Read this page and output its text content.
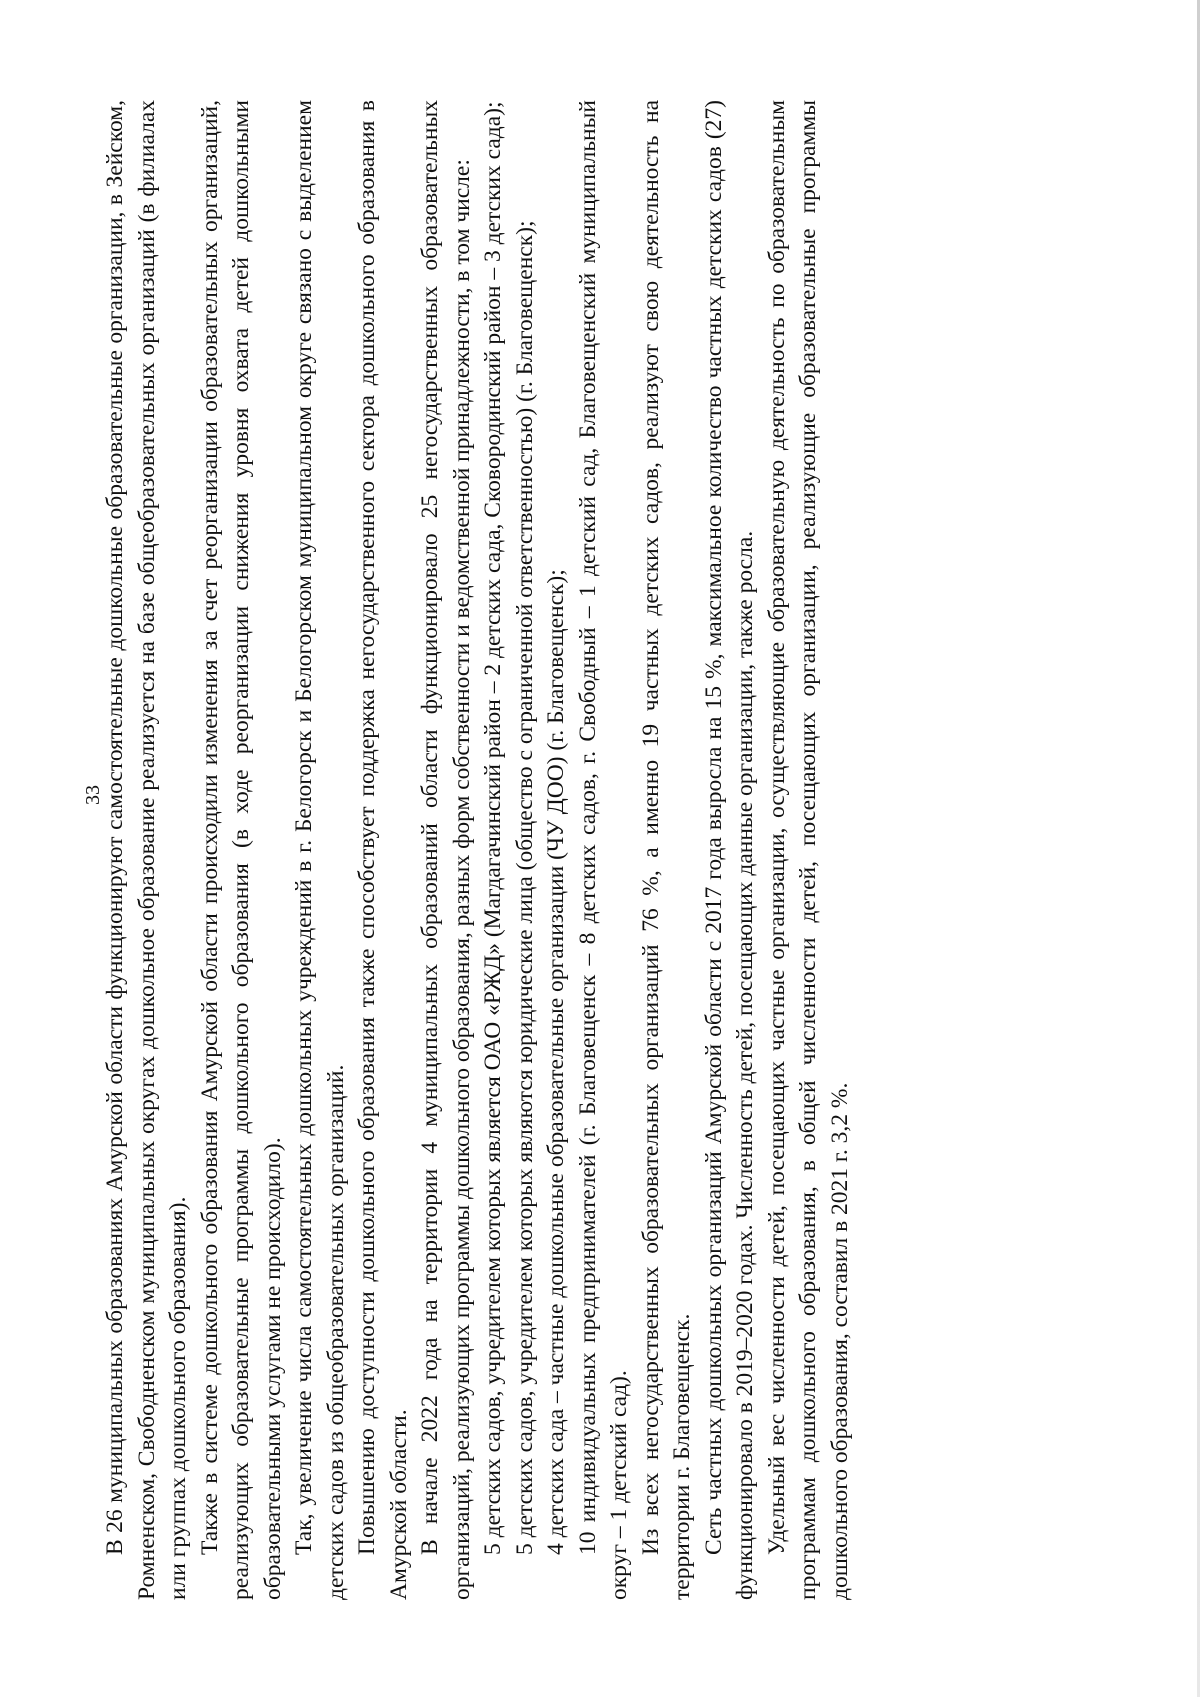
33

В 26 муниципальных образованиях Амурской области функционируют самостоятельные дошкольные образовательные организации, в Зейском, Ромненском, Свободненском муниципальных округах дошкольное образование реализуется на базе общеобразовательных организаций (в филиалах или группах дошкольного образования). Также в системе дошкольного образования Амурской области происходили изменения за счет реорганизации образовательных организаций, реализующих образовательные программы дошкольного образования (в ходе реорганизации снижения уровня охвата детей дошкольными образовательными услугами не происходило). Так, увеличение числа самостоятельных дошкольных учреждений в г. Белогорск и Белогорском муниципальном округе связано с выделением детских садов из общеобразовательных организаций. Повышению доступности дошкольного образования также способствует поддержка негосударственного сектора дошкольного образования в Амурской области. В начале 2022 года на территории 4 муниципальных образований области функционировало 25 негосударственных образовательных организаций, реализующих программы дошкольного образования, разных форм собственности и ведомственной принадлежности, в том числе: 5 детских садов, учредителем которых является ОАО «РЖД» (Магдагачинский район – 2 детских сада, Сковородинский район – 3 детских сада); 5 детских садов, учредителем которых являются юридические лица (общество с ограниченной ответственностью) (г. Благовещенск); 4 детских сада – частные дошкольные образовательные организации (ЧУ ДОО) (г. Благовещенск); 10 индивидуальных предпринимателей (г. Благовещенск – 8 детских садов, г. Свободный – 1 детский сад, Благовещенский муниципальный округ – 1 детский сад). Из всех негосударственных образовательных организаций 76 %, а именно 19 частных детских садов, реализуют свою деятельность на территории г. Благовещенск. Сеть частных дошкольных организаций Амурской области с 2017 года выросла на 15 %, максимальное количество частных детских садов (27) функционировало в 2019–2020 годах. Численность детей, посещающих данные организации, также росла. Удельный вес численности детей, посещающих частные организации, осуществляющие образовательную деятельность по образовательным программам дошкольного образования, в общей численности детей, посещающих организации, реализующие образовательные программы дошкольного образования, составил в 2021 г. 3,2 %.
